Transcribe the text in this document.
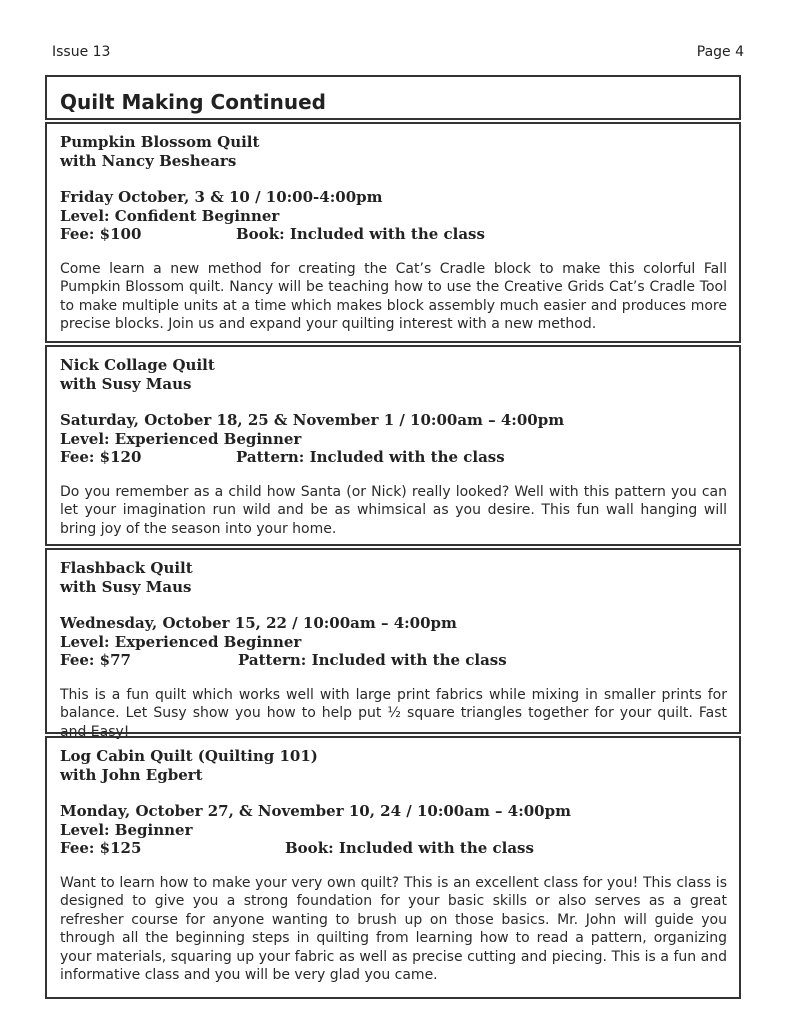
Issue 13	Page 4
Quilt Making Continued
Pumpkin Blossom Quilt
with Nancy Beshears
Friday October, 3 & 10 / 10:00-4:00pm
Level: Confident Beginner
Fee: $100	Book: Included with the class
Come learn a new method for creating the Cat’s Cradle block to make this colorful Fall Pumpkin Blossom quilt. Nancy will be teaching how to use the Creative Grids Cat’s Cradle Tool to make multiple units at a time which makes block assembly much easier and produces more precise blocks. Join us and expand your quilting interest with a new method.
Nick Collage Quilt
with Susy Maus
Saturday, October 18, 25 & November 1 / 10:00am – 4:00pm
Level: Experienced Beginner
Fee: $120	Pattern: Included with the class
Do you remember as a child how Santa (or Nick) really looked? Well with this pattern you can let your imagination run wild and be as whimsical as you desire. This fun wall hanging will bring joy of the season into your home.
Flashback Quilt
with Susy Maus
Wednesday, October 15, 22 / 10:00am – 4:00pm
Level: Experienced Beginner
Fee: $77	Pattern: Included with the class
This is a fun quilt which works well with large print fabrics while mixing in smaller prints for balance. Let Susy show you how to help put ½ square triangles together for your quilt. Fast and Easy!
Log Cabin Quilt (Quilting 101)
with John Egbert
Monday, October 27, & November 10, 24 / 10:00am – 4:00pm
Level: Beginner
Fee: $125	Book: Included with the class
Want to learn how to make your very own quilt? This is an excellent class for you! This class is designed to give you a strong foundation for your basic skills or also serves as a great refresher course for anyone wanting to brush up on those basics. Mr. John will guide you through all the beginning steps in quilting from learning how to read a pattern, organizing your materials, squaring up your fabric as well as precise cutting and piecing. This is a fun and informative class and you will be very glad you came.
